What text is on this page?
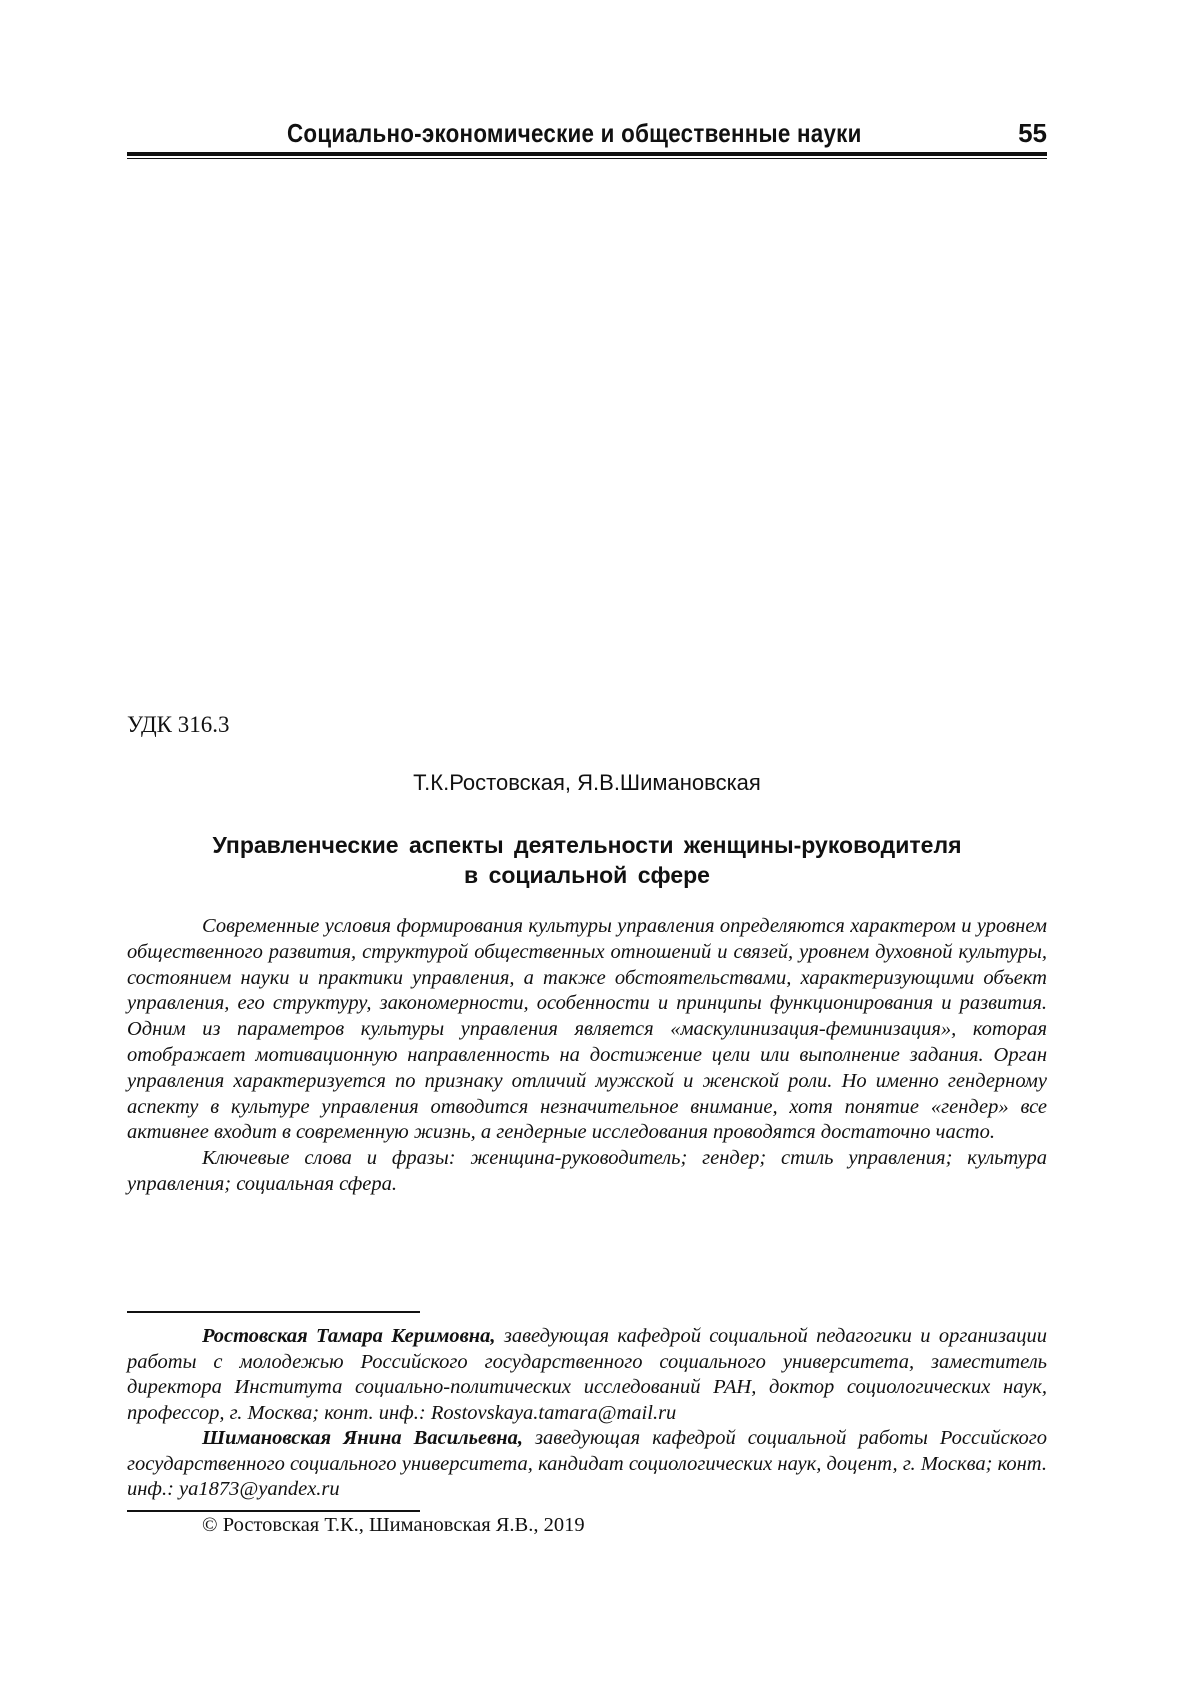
Социально-экономические и общественные науки	55
УДК 316.3
Т.К.Ростовская, Я.В.Шимановская
Управленческие аспекты деятельности женщины-руководителя
в социальной сфере

Современные условия формирования культуры управления определяются характером и уровнем общественного развития, структурой общественных отношений и связей, уровнем духовной культуры, состоянием науки и практики управления, а также обстоятельствами, характеризующими объект управления, его структуру, закономерности, особенности и принципы функционирования и развития. Одним из параметров культуры управления является «маскулинизация-феминизация», которая отображает мотивационную направленность на достижение цели или выполнение задания. Орган управления характеризуется по признаку отличий мужской и женской роли. Но именно гендерному аспекту в культуре управления отводится незначительное внимание, хотя понятие «гендер» все активнее входит в современную жизнь, а гендерные исследования проводятся достаточно часто.

Ключевые слова и фразы: женщина-руководитель; гендер; стиль управления; культура управления; социальная сфера.

Ростовская Тамара Керимовна, заведующая кафедрой социальной педагогики и организации работы с молодежью Российского государственного социального университета, заместитель директора Института социально-политических исследований РАН, доктор социологических наук, профессор, г. Москва; конт. инф.: Rostovskaya.tamara@mail.ru

Шимановская Янина Васильевна, заведующая кафедрой социальной работы Российского государственного социального университета, кандидат социологических наук, доцент, г. Москва; конт. инф.: ya1873@yandex.ru

© Ростовская Т.К., Шимановская Я.В., 2019
